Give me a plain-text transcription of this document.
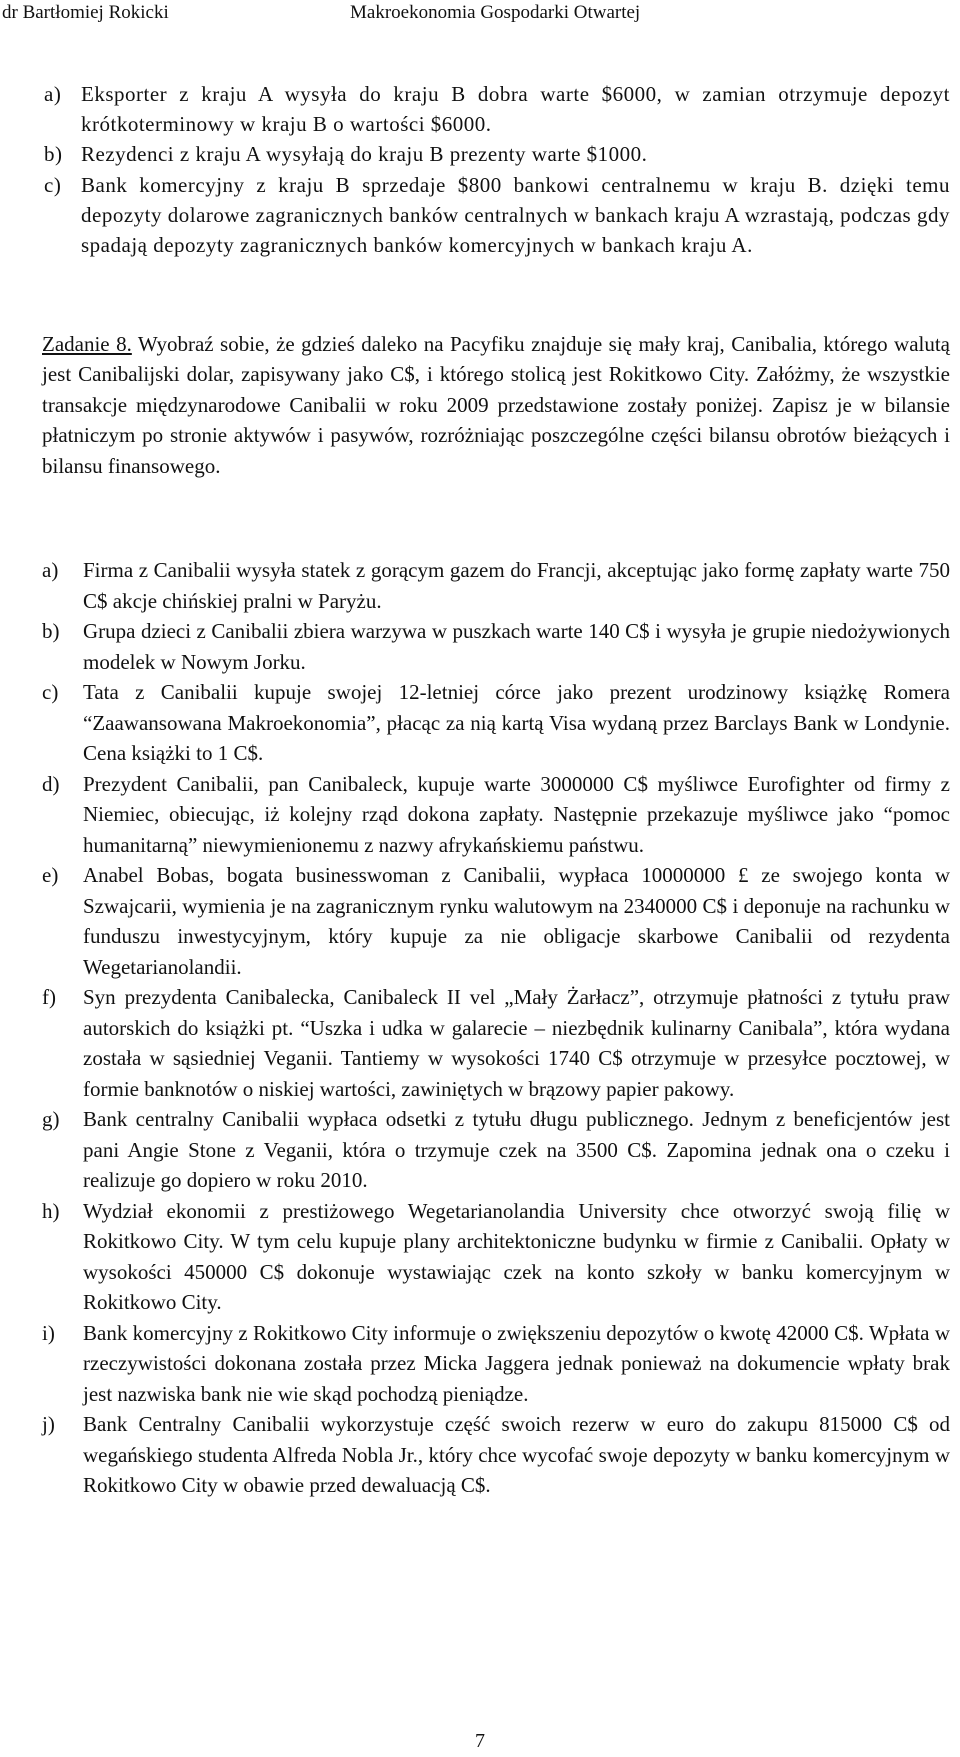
dr Bartłomiej Rokicki	Makroekonomia Gospodarki Otwartej
a) Eksporter z kraju A wysyła do kraju B dobra warte $6000, w zamian otrzymuje depozyt krótkoterminowy w kraju B o wartości $6000.
b) Rezydenci z kraju A wysyłają do kraju B prezenty warte $1000.
c) Bank komercyjny z kraju B sprzedaje $800 bankowi centralnemu w kraju B. dzięki temu depozyty dolarowe zagranicznych banków centralnych w bankach kraju A wzrastają, podczas gdy spadają depozyty zagranicznych banków komercyjnych w bankach kraju A.
Zadanie 8. Wyobraź sobie, że gdzieś daleko na Pacyfiku znajduje się mały kraj, Canibalia, którego walutą jest Canibalijski dolar, zapisywany jako C$, i którego stolicą jest Rokitkowo City. Załóżmy, że wszystkie transakcje międzynarodowe Canibalii w roku 2009 przedstawione zostały poniżej. Zapisz je w bilansie płatniczym po stronie aktywów i pasywów, rozróżniając poszczególne części bilansu obrotów bieżących i bilansu finansowego.
a) Firma z Canibalii wysyła statek z gorącym gazem do Francji, akceptując jako formę zapłaty warte 750 C$ akcje chińskiej pralni w Paryżu.
b) Grupa dzieci z Canibalii zbiera warzywa w puszkach warte 140 C$ i wysyła je grupie niedożywionych modelek w Nowym Jorku.
c) Tata z Canibalii kupuje swojej 12-letniej córce jako prezent urodzinowy książkę Romera “Zaawansowana Makroekonomia”, płacąc za nią kartą Visa wydaną przez Barclays Bank w Londynie. Cena książki to 1 C$.
d) Prezydent Canibalii, pan Canibaleck, kupuje warte 3000000 C$ myśliwce Eurofighter od firmy z Niemiec, obiecując, iż kolejny rząd dokona zapłaty. Następnie przekazuje myśliwce jako “pomoc humanitarną” niewymienionemu z nazwy afrykańskiemu państwu.
e) Anabel Bobas, bogata businesswoman z Canibalii, wypłaca 10000000 £ ze swojego konta w Szwajcarii, wymienia je na zagranicznym rynku walutowym na 2340000 C$ i deponuje na rachunku w funduszu inwestycyjnym, który kupuje za nie obligacje skarbowe Canibalii od rezydenta Wegetarianolandii.
f) Syn prezydenta Canibalecka, Canibaleck II vel „Mały Żarłacz”, otrzymuje płatności z tytułu praw autorskich do książki pt. “Uszka i udka w galarecie – niezbędnik kulinarny Canibala”, która wydana została w sąsiedniej Veganii. Tantiemy w wysokości 1740 C$ otrzymuje w przesyłce pocztowej, w formie banknotów o niskiej wartości, zawiniętych w brązowy papier pakowy.
g) Bank centralny Canibalii wypłaca odsetki z tytułu długu publicznego. Jednym z beneficjentów jest pani Angie Stone z Veganii, która o trzymuje czek na 3500 C$. Zapomina jednak ona o czeku i realizuje go dopiero w roku 2010.
h) Wydział ekonomii z prestiżowego Wegetarianolandia University chce otworzyć swoją filię w Rokitkowo City. W tym celu kupuje plany architektoniczne budynku w firmie z Canibalii. Opłaty w wysokości 450000 C$ dokonuje wystawiając czek na konto szkoły w banku komercyjnym w Rokitkowo City.
i) Bank komercyjny z Rokitkowo City informuje o zwiększeniu depozytów o kwotę 42000 C$. Wpłata w rzeczywistości dokonana została przez Micka Jaggera jednak ponieważ na dokumencie wpłaty brak jest nazwiska bank nie wie skąd pochodzą pieniądze.
j) Bank Centralny Canibalii wykorzystuje część swoich rezerw w euro do zakupu 815000 C$ od wegańskiego studenta Alfreda Nobla Jr., który chce wycofać swoje depozyty w banku komercyjnym w Rokitkowo City w obawie przed dewaluacją C$.
7
